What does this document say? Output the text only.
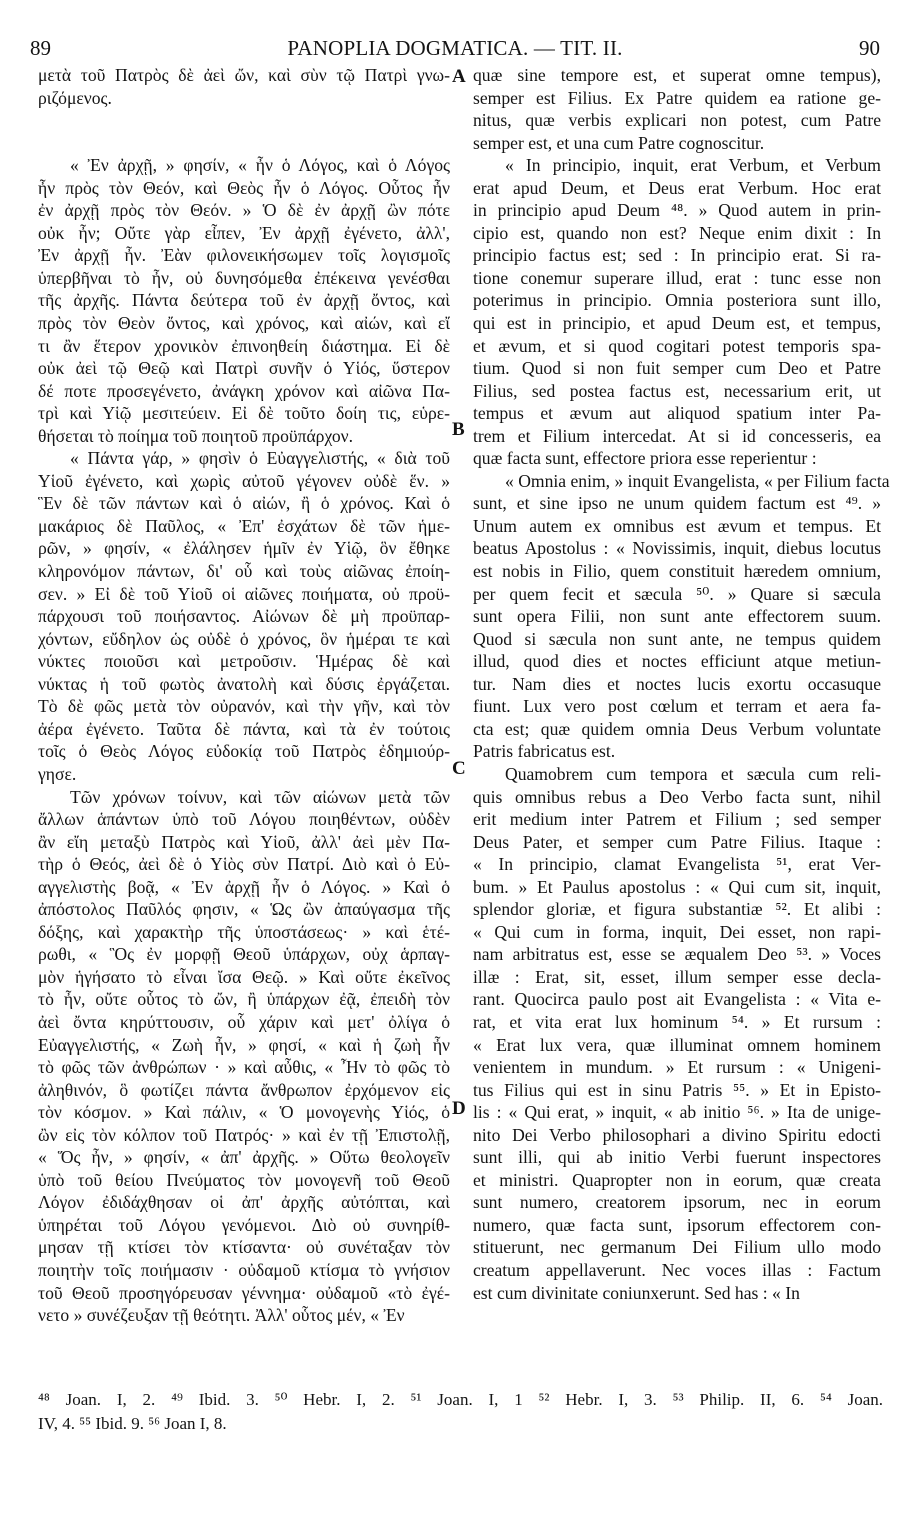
89	PANOPLIA DOGMATICA. — TIT. II.	90
μετὰ τοῦ Πατρὸς δὲ ἀεὶ ὤν, καὶ σὺν τῷ Πατρὶ γνω-
ριζόμενος.
« Ἐν ἀρχῇ, » φησίν, « ἦν ὁ Λόγος, καὶ ὁ Λόγος
ἦν πρὸς τὸν Θεόν, καὶ Θεὸς ἦν ὁ Λόγος. Οὗτος ἦν
ἐν ἀρχῇ πρὸς τὸν Θεόν. » Ὁ δὲ ἐν ἀρχῇ ὢν πότε
οὐκ ἦν; Οὔτε γὰρ εἶπεν, Ἐν ἀρχῇ ἐγένετο, ἀλλ',
Ἐν ἀρχῇ ἦν. Ἐὰν φιλονεικήσωμεν τοῖς λογισμοῖς
ὑπερβῆναι τὸ ἦν, οὐ δυνησόμεθα ἐπέκεινα γενέσθαι
τῆς ἀρχῆς. Πάντα δεύτερα τοῦ ἐν ἀρχῇ ὄντος, καὶ
πρὸς τὸν Θεὸν ὄντος, καὶ χρόνος, καὶ αἰών, καὶ εἴ
τι ἂν ἕτερον χρονικὸν ἐπινοηθείη διάστημα. Εἰ δὲ
οὐκ ἀεὶ τῷ Θεῷ καὶ Πατρὶ συνῆν ὁ Υἱός, ὕστερον
δέ ποτε προσεγένετο, ἀνάγκη χρόνον καὶ αἰῶνα Πα-
τρὶ καὶ Υἱῷ μεσιτεύειν. Εἰ δὲ τοῦτο δοίη τις, εὑρε-
θήσεται τὸ ποίημα τοῦ ποιητοῦ προϋπάρχον.
« Πάντα γάρ, » φησὶν ὁ Εὐαγγελιστής, « διὰ τοῦ
Υἱοῦ ἐγένετο, καὶ χωρὶς αὐτοῦ γέγονεν οὐδὲ ἕν. »
Ἓν δὲ τῶν πάντων καὶ ὁ αἰών, ἢ ὁ χρόνος. Καὶ ὁ
μακάριος δὲ Παῦλος, « Ἐπ' ἐσχάτων δὲ τῶν ἡμε-
ρῶν, » φησίν, « ἐλάλησεν ἡμῖν ἐν Υἱῷ, ὃν ἔθηκε
κληρονόμον πάντων, δι' οὗ καὶ τοὺς αἰῶνας ἐποίη-
σεν. » Εἰ δὲ τοῦ Υἱοῦ οἱ αἰῶνες ποιήματα, οὐ προϋ-
πάρχουσι τοῦ ποιήσαντος. Αἰώνων δὲ μὴ προϋπαρ-
χόντων, εὔδηλον ὡς οὐδὲ ὁ χρόνος, ὃν ἡμέραι τε καὶ
νύκτες ποιοῦσι καὶ μετροῦσιν. Ἡμέρας δὲ καὶ
νύκτας ἡ τοῦ φωτὸς ἀνατολὴ καὶ δύσις ἐργάζεται.
Τὸ δὲ φῶς μετὰ τὸν οὐρανόν, καὶ τὴν γῆν, καὶ τὸν
ἀέρα ἐγένετο. Ταῦτα δὲ πάντα, καὶ τὰ ἐν τούτοις
τοῖς ὁ Θεὸς Λόγος εὐδοκίᾳ τοῦ Πατρὸς ἐδημιούρ-
γησε.
Τῶν χρόνων τοίνυν, καὶ τῶν αἰώνων μετὰ τῶν
ἄλλων ἁπάντων ὑπὸ τοῦ Λόγου ποιηθέντων, οὐδὲν
ἂν εἴη μεταξὺ Πατρὸς καὶ Υἱοῦ, ἀλλ' ἀεὶ μὲν Πα-
τὴρ ὁ Θεός, ἀεὶ δὲ ὁ Υἱὸς σὺν Πατρί. Διὸ καὶ ὁ Εὐ-
αγγελιστὴς βοᾷ, « Ἐν ἀρχῇ ἦν ὁ Λόγος. » Καὶ ὁ
ἀπόστολος Παῦλός φησιν, « Ὡς ὢν ἀπαύγασμα τῆς
δόξης, καὶ χαρακτὴρ τῆς ὑποστάσεως· » καὶ ἑτέ-
ρωθι, « Ὃς ἐν μορφῇ Θεοῦ ὑπάρχων, οὐχ ἁρπαγ-
μὸν ἡγήσατο τὸ εἶναι ἴσα Θεῷ. » Καὶ οὔτε ἐκεῖνος
τὸ ἦν, οὔτε οὗτος τὸ ὤν, ἢ ὑπάρχων ἐᾷ, ἐπειδὴ τὸν
ἀεὶ ὄντα κηρύττουσιν, οὗ χάριν καὶ μετ' ὀλίγα ὁ
Εὐαγγελιστής, « Ζωὴ ἦν, » φησί, « καὶ ἡ ζωὴ ἦν
τὸ φῶς τῶν ἀνθρώπων · » καὶ αὖθις, « Ἦν τὸ φῶς τὸ
ἀληθινόν, ὃ φωτίζει πάντα ἄνθρωπον ἐρχόμενον εἰς
τὸν κόσμον. » Καὶ πάλιν, « Ὁ μονογενὴς Υἱός, ὁ
ὢν εἰς τὸν κόλπον τοῦ Πατρός· » καὶ ἐν τῇ Ἐπιστολῇ,
« Ὅς ἦν, » φησίν, « ἀπ' ἀρχῆς. » Οὕτω θεολογεῖν
ὑπὸ τοῦ θείου Πνεύματος τὸν μονογενῆ τοῦ Θεοῦ
Λόγον ἐδιδάχθησαν οἱ ἀπ' ἀρχῆς αὐτόπται, καὶ
ὑπηρέται τοῦ Λόγου γενόμενοι. Διὸ οὐ συνηρίθ-
μησαν τῇ κτίσει τὸν κτίσαντα· οὐ συνέταξαν τὸν
ποιητὴν τοῖς ποιήμασιν · οὐδαμοῦ κτίσμα τὸ γνήσιον
τοῦ Θεοῦ προσηγόρευσαν γέννημα· οὐδαμοῦ «τὸ ἐγέ-
νετο » συνέζευξαν τῇ θεότητι. Ἀλλ' οὗτος μέν, « Ἐν
quæ sine tempore est, et superat omne tempus),
semper est Filius. Ex Patre quidem ea ratione ge-
nitus, quæ verbis explicari non potest, cum Patre
semper est, et una cum Patre cognoscitur.
« In principio, inquit, erat Verbum, et Verbum
erat apud Deum, et Deus erat Verbum. Hoc erat
in principio apud Deum ⁴⁸. » Quod autem in prin-
cipio est, quando non est? Neque enim dixit : In
principio factus est; sed : In principio erat. Si ra-
tione conemur superare illud, erat : tunc esse non
poterimus in principio. Omnia posteriora sunt illo,
qui est in principio, et apud Deum est, et tempus,
et ævum, et si quod cogitari potest temporis spa-
tium. Quod si non fuit semper cum Deo et Patre
Filius, sed postea factus est, necessarium erit, ut
tempus et ævum aut aliquod spatium inter Pa-
trem et Filium intercedat. At si id concesseris, ea
quæ facta sunt, effectore priora esse reperientur :
« Omnia enim, » inquit Evangelista, « per Filium facta
sunt, et sine ipso ne unum quidem factum est ⁴⁹. »
Unum autem ex omnibus est ævum et tempus. Et
beatus Apostolus : « Novissimis, inquit, diebus locutus
est nobis in Filio, quem constituit hæredem omnium,
per quem fecit et sæcula ⁵⁰. » Quare si sæcula
sunt opera Filii, non sunt ante effectorem suum.
Quod si sæcula non sunt ante, ne tempus quidem
illud, quod dies et noctes efficiunt atque metiun-
tur. Nam dies et noctes lucis exortu occasuque
fiunt. Lux vero post cœlum et terram et aera fa-
cta est; quæ quidem omnia Deus Verbum voluntate
Patris fabricatus est.
Quamobrem cum tempora et sæcula cum reli-
quis omnibus rebus a Deo Verbo facta sunt, nihil
erit medium inter Patrem et Filium ; sed semper
Deus Pater, et semper cum Patre Filius. Itaque :
« In principio, clamat Evangelista ⁵¹, erat Ver-
bum. » Et Paulus apostolus : « Qui cum sit, inquit,
splendor gloriæ, et figura substantiæ ⁵². Et alibi :
« Qui cum in forma, inquit, Dei esset, non rapi-
nam arbitratus est, esse se æqualem Deo ⁵³. » Voces
illæ : Erat, sit, esset, illum semper esse decla-
rant. Quocirca paulo post ait Evangelista : « Vita e-
rat, et vita erat lux hominum ⁵⁴. » Et rursum :
« Erat lux vera, quæ illuminat omnem hominem
venientem in mundum. » Et rursum : « Unigeni-
tus Filius qui est in sinu Patris ⁵⁵. » Et in Episto-
lis : « Qui erat, » inquit, « ab initio ⁵⁶. » Ita de unige-
nito Dei Verbo philosophari a divino Spiritu edocti
sunt illi, qui ab initio Verbi fuerunt inspectores
et ministri. Quapropter non in eorum, quæ creata
sunt numero, creatorem ipsorum, nec in eorum
numero, quæ facta sunt, ipsorum effectorem con-
stituerunt, nec germanum Dei Filium ullo modo
creatum appellaverunt. Nec voces illas : Factum
est cum divinitate coniunxerunt. Sed has : « In
A
B
C
D
⁴⁸ Joan. I, 2. ⁴⁹ Ibid. 3. ⁵⁰ Hebr. I, 2. ⁵¹ Joan. I, 1 ⁵² Hebr. I, 3. ⁵³ Philip. II, 6. ⁵⁴ Joan.
IV, 4. ⁵⁵ Ibid. 9. ⁵⁶ Joan I, 8.
